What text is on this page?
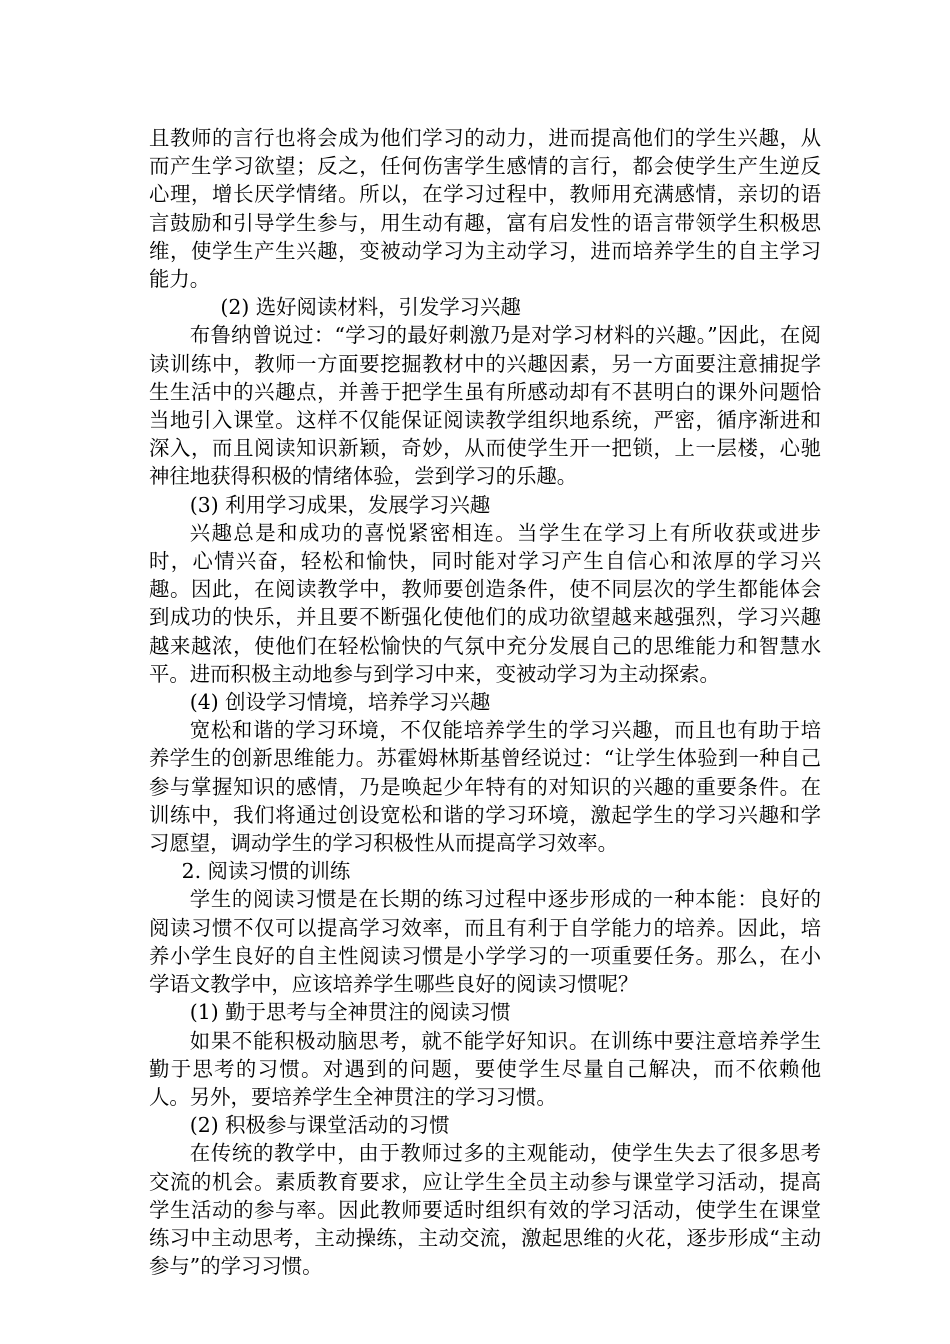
且教师的言行也将会成为他们学习的动力，进而提高他们的学生兴趣，从而产生学习欲望；反之，任何伤害学生感情的言行，都会使学生产生逆反心理，增长厌学情绪。所以，在学习过程中，教师用充满感情，亲切的语言鼓励和引导学生参与，用生动有趣，富有启发性的语言带领学生积极思维，使学生产生兴趣，变被动学习为主动学习，进而培养学生的自主学习能力。

(2) 选好阅读材料，引发学习兴趣

布鲁纳曾说过：“学习的最好刺激乃是对学习材料的兴趣。”因此，在阅读训练中，教师一方面要挖掘教材中的兴趣因素，另一方面要注意捕捉学生生活中的兴趣点，并善于把学生虽有所感动却有不甚明白的课外问题恰当地引入课堂。这样不仅能保证阅读教学组织地系统，严密，循序渐进和深入，而且阅读知识新颖，奇妙，从而使学生开一把锁，上一层楼，心驰神往地获得积极的情绪体验，尝到学习的乐趣。

(3) 利用学习成果，发展学习兴趣

兴趣总是和成功的喜悦紧密相连。当学生在学习上有所收获或进步时，心情兴奋，轻松和愉快，同时能对学习产生自信心和浓厚的学习兴趣。因此，在阅读教学中，教师要创造条件，使不同层次的学生都能体会到成功的快乐，并且要不断强化使他们的成功欲望越来越强烈，学习兴趣越来越浓，使他们在轻松愉快的气氛中充分发展自己的思维能力和智慧水平。进而积极主动地参与到学习中来，变被动学习为主动探索。

(4) 创设学习情境，培养学习兴趣

宽松和谐的学习环境，不仅能培养学生的学习兴趣，而且也有助于培养学生的创新思维能力。苏霍姆林斯基曾经说过：“让学生体验到一种自己参与掌握知识的感情，乃是唤起少年特有的对知识的兴趣的重要条件。在训练中，我们将通过创设宽松和谐的学习环境，激起学生的学习兴趣和学习愿望，调动学生的学习积极性从而提高学习效率。

2. 阅读习惯的训练

学生的阅读习惯是在长期的练习过程中逐步形成的一种本能：良好的阅读习惯不仅可以提高学习效率，而且有利于自学能力的培养。因此，培养小学生良好的自主性阅读习惯是小学学习的一项重要任务。那么，在小学语文教学中，应该培养学生哪些良好的阅读习惯呢？

(1) 勤于思考与全神贯注的阅读习惯

如果不能积极动脑思考，就不能学好知识。在训练中要注意培养学生勤于思考的习惯。对遇到的问题，要使学生尽量自己解决，而不依赖他人。另外，要培养学生全神贯注的学习习惯。

(2) 积极参与课堂活动的习惯

在传统的教学中，由于教师过多的主观能动，使学生失去了很多思考交流的机会。素质教育要求，应让学生全员主动参与课堂学习活动，提高学生活动的参与率。因此教师要适时组织有效的学习活动，使学生在课堂练习中主动思考，主动操练，主动交流，激起思维的火花，逐步形成“主动参与”的学习习惯。
